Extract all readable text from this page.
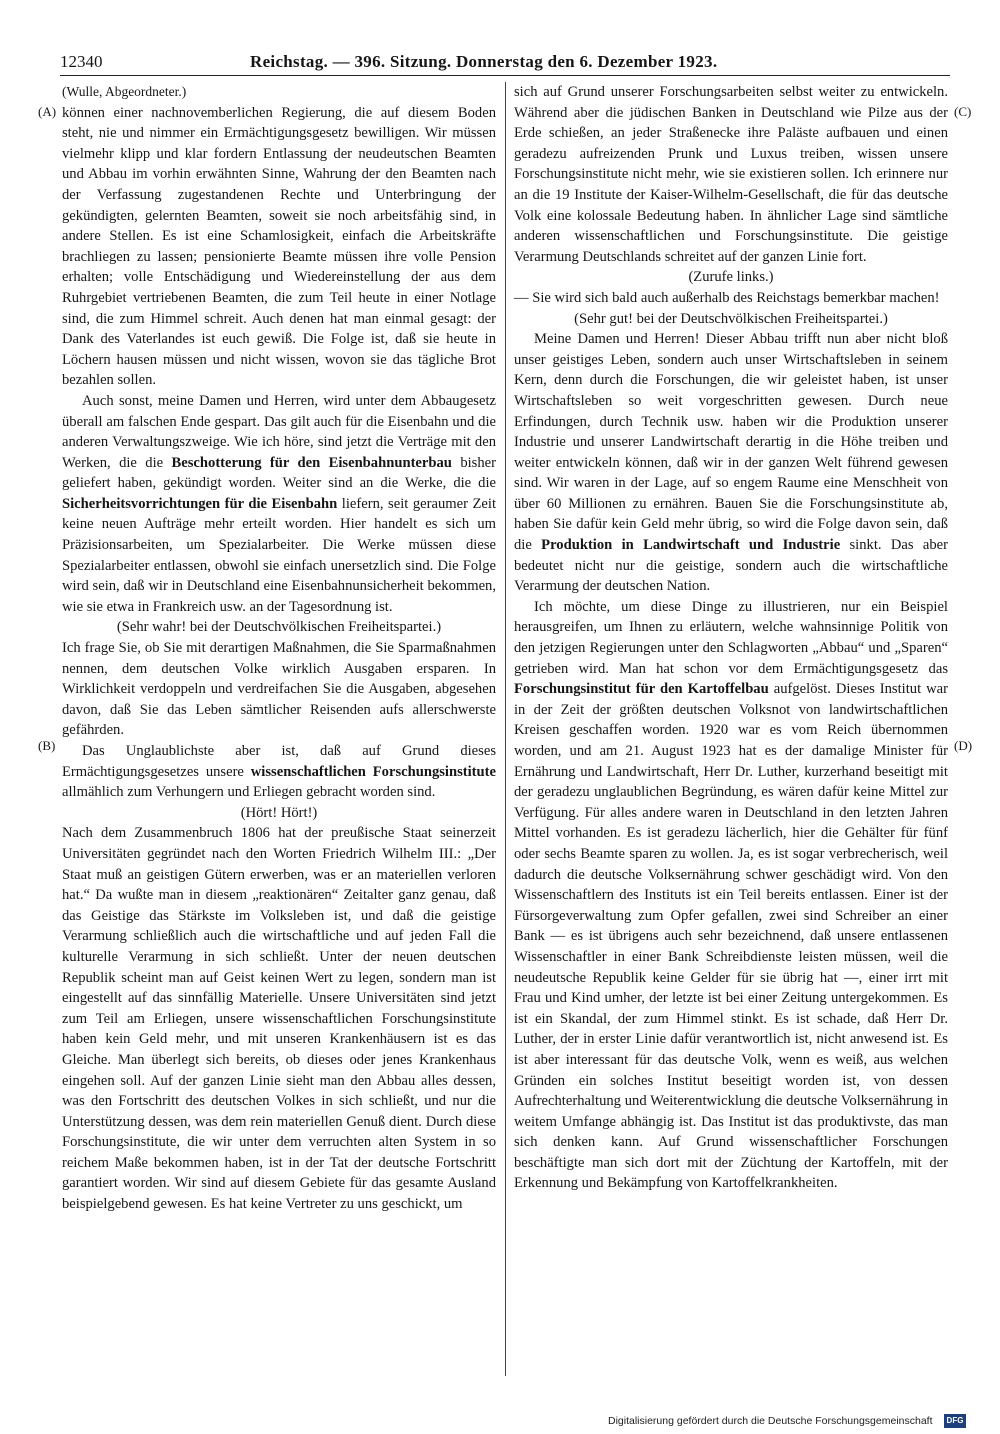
12340	Reichstag. — 396. Sitzung. Donnerstag den 6. Dezember 1923.
(A)
(B)
(C)
(D)

(Wulle, Abgeordneter.)

können einer nachnovemberlichen Regierung, die auf diesem Boden steht, nie und nimmer ein Ermächtigungsgesetz bewilligen. Wir müssen vielmehr klipp und klar fordern Entlassung der neudeutschen Beamten und Abbau im vorhin erwähnten Sinne, Wahrung der den Beamten nach der Verfassung zugestandenen Rechte und Unterbringung der gekündigten, gelernten Beamten, soweit sie noch arbeitsfähig sind, in andere Stellen. Es ist eine Schamlosigkeit, einfach die Arbeitskräfte brachliegen zu lassen; pensionierte Beamte müssen ihre volle Pension erhalten; volle Entschädigung und Wiedereinstellung der aus dem Ruhrgebiet vertriebenen Beamten, die zum Teil heute in einer Notlage sind, die zum Himmel schreit. Auch denen hat man einmal gesagt: der Dank des Vaterlandes ist euch gewiß. Die Folge ist, daß sie heute in Löchern hausen müssen und nicht wissen, wovon sie das tägliche Brot bezahlen sollen.

Auch sonst, meine Damen und Herren, wird unter dem Abbaugesetz überall am falschen Ende gespart. Das gilt auch für die Eisenbahn und die anderen Verwaltungszweige. Wie ich höre, sind jetzt die Verträge mit den Werken, die die Beschotterung für den Eisenbahnunterbau bisher geliefert haben, gekündigt worden. Weiter sind an die Werke, die die Sicherheitsvorrichtungen für die Eisenbahn liefern, seit geraumer Zeit keine neuen Aufträge mehr erteilt worden. Hier handelt es sich um Präzisionsarbeiten, um Spezialarbeiter. Die Werke müssen diese Spezialarbeiter entlassen, obwohl sie einfach unersetzlich sind. Die Folge wird sein, daß wir in Deutschland eine Eisenbahnunsicherheit bekommen, wie sie etwa in Frankreich usw. an der Tagesordnung ist.

(Sehr wahr! bei der Deutschvölkischen Freiheitspartei.)

Ich frage Sie, ob Sie mit derartigen Maßnahmen, die Sie Sparmaßnahmen nennen, dem deutschen Volke wirklich Ausgaben ersparen. In Wirklichkeit verdoppeln und verdreifachen Sie die Ausgaben, abgesehen davon, daß Sie das Leben sämtlicher Reisenden aufs allerschwerste gefährden.

Das Unglaublichste aber ist, daß auf Grund dieses Ermächtigungsgesetzes unsere wissenschaftlichen Forschungsinstitute allmählich zum Verhungern und Erliegen gebracht worden sind.

(Hört! Hört!)

Nach dem Zusammenbruch 1806 hat der preußische Staat seinerzeit Universitäten gegründet nach den Worten Friedrich Wilhelm III.: „Der Staat muß an geistigen Gütern erwerben, was er an materiellen verloren hat.“ Da wußte man in diesem „reaktionären“ Zeitalter ganz genau, daß das Geistige das Stärkste im Volksleben ist, und daß die geistige Verarmung schließlich auch die wirtschaftliche und auf jeden Fall die kulturelle Verarmung in sich schließt. Unter der neuen deutschen Republik scheint man auf Geist keinen Wert zu legen, sondern man ist eingestellt auf das sinnfällig Materielle. Unsere Universitäten sind jetzt zum Teil am Erliegen, unsere wissenschaftlichen Forschungsinstitute haben kein Geld mehr, und mit unseren Krankenhäusern ist es das Gleiche. Man überlegt sich bereits, ob dieses oder jenes Krankenhaus eingehen soll. Auf der ganzen Linie sieht man den Abbau alles dessen, was den Fortschritt des deutschen Volkes in sich schließt, und nur die Unterstützung dessen, was dem rein materiellen Genuß dient. Durch diese Forschungsinstitute, die wir unter dem verruchten alten System in so reichem Maße bekommen haben, ist in der Tat der deutsche Fortschritt garantiert worden. Wir sind auf diesem Gebiete für das gesamte Ausland beispielgebend gewesen. Es hat keine Vertreter zu uns geschickt, um

sich auf Grund unserer Forschungsarbeiten selbst weiter zu entwickeln. Während aber die jüdischen Banken in Deutschland wie Pilze aus der Erde schießen, an jeder Straßenecke ihre Paläste aufbauen und einen geradezu aufreizenden Prunk und Luxus treiben, wissen unsere Forschungsinstitute nicht mehr, wie sie existieren sollen. Ich erinnere nur an die 19 Institute der Kaiser-Wilhelm-Gesellschaft, die für das deutsche Volk eine kolossale Bedeutung haben. In ähnlicher Lage sind sämtliche anderen wissenschaftlichen und Forschungsinstitute. Die geistige Verarmung Deutschlands schreitet auf der ganzen Linie fort.

(Zurufe links.)

— Sie wird sich bald auch außerhalb des Reichstags bemerkbar machen!

(Sehr gut! bei der Deutschvölkischen Freiheitspartei.)

Meine Damen und Herren! Dieser Abbau trifft nun aber nicht bloß unser geistiges Leben, sondern auch unser Wirtschaftsleben in seinem Kern, denn durch die Forschungen, die wir geleistet haben, ist unser Wirtschaftsleben so weit vorgeschritten gewesen. Durch neue Erfindungen, durch Technik usw. haben wir die Produktion unserer Industrie und unserer Landwirtschaft derartig in die Höhe treiben und weiter entwickeln können, daß wir in der ganzen Welt führend gewesen sind. Wir waren in der Lage, auf so engem Raume eine Menschheit von über 60 Millionen zu ernähren. Bauen Sie die Forschungsinstitute ab, haben Sie dafür kein Geld mehr übrig, so wird die Folge davon sein, daß die Produktion in Landwirtschaft und Industrie sinkt. Das aber bedeutet nicht nur die geistige, sondern auch die wirtschaftliche Verarmung der deutschen Nation.

Ich möchte, um diese Dinge zu illustrieren, nur ein Beispiel herausgreifen, um Ihnen zu erläutern, welche wahnsinnige Politik von den jetzigen Regierungen unter den Schlagworten „Abbau“ und „Sparen“ getrieben wird. Man hat schon vor dem Ermächtigungsgesetz das Forschungsinstitut für den Kartoffelbau aufgelöst. Dieses Institut war in der Zeit der größten deutschen Volksnot von landwirtschaftlichen Kreisen geschaffen worden. 1920 war es vom Reich übernommen worden, und am 21. August 1923 hat es der damalige Minister für Ernährung und Landwirtschaft, Herr Dr. Luther, kurzerhand beseitigt mit der geradezu unglaublichen Begründung, es wären dafür keine Mittel zur Verfügung. Für alles andere waren in Deutschland in den letzten Jahren Mittel vorhanden. Es ist geradezu lächerlich, hier die Gehälter für fünf oder sechs Beamte sparen zu wollen. Ja, es ist sogar verbrecherisch, weil dadurch die deutsche Volksernährung schwer geschädigt wird. Von den Wissenschaftlern des Instituts ist ein Teil bereits entlassen. Einer ist der Fürsorgeverwaltung zum Opfer gefallen, zwei sind Schreiber an einer Bank — es ist übrigens auch sehr bezeichnend, daß unsere entlassenen Wissenschaftler in einer Bank Schreibdienste leisten müssen, weil die neudeutsche Republik keine Gelder für sie übrig hat —, einer irrt mit Frau und Kind umher, der letzte ist bei einer Zeitung untergekommen. Es ist ein Skandal, der zum Himmel stinkt. Es ist schade, daß Herr Dr. Luther, der in erster Linie dafür verantwortlich ist, nicht anwesend ist. Es ist aber interessant für das deutsche Volk, wenn es weiß, aus welchen Gründen ein solches Institut beseitigt worden ist, von dessen Aufrechterhaltung und Weiterentwicklung die deutsche Volksernährung in weitem Umfange abhängig ist. Das Institut ist das produktivste, das man sich denken kann. Auf Grund wissenschaftlicher Forschungen beschäftigte man sich dort mit der Züchtung der Kartoffeln, mit der Erkennung und Bekämpfung von Kartoffelkrankheiten.

Digitalisierung gefördert durch die Deutsche Forschungsgemeinschaft	DFG
